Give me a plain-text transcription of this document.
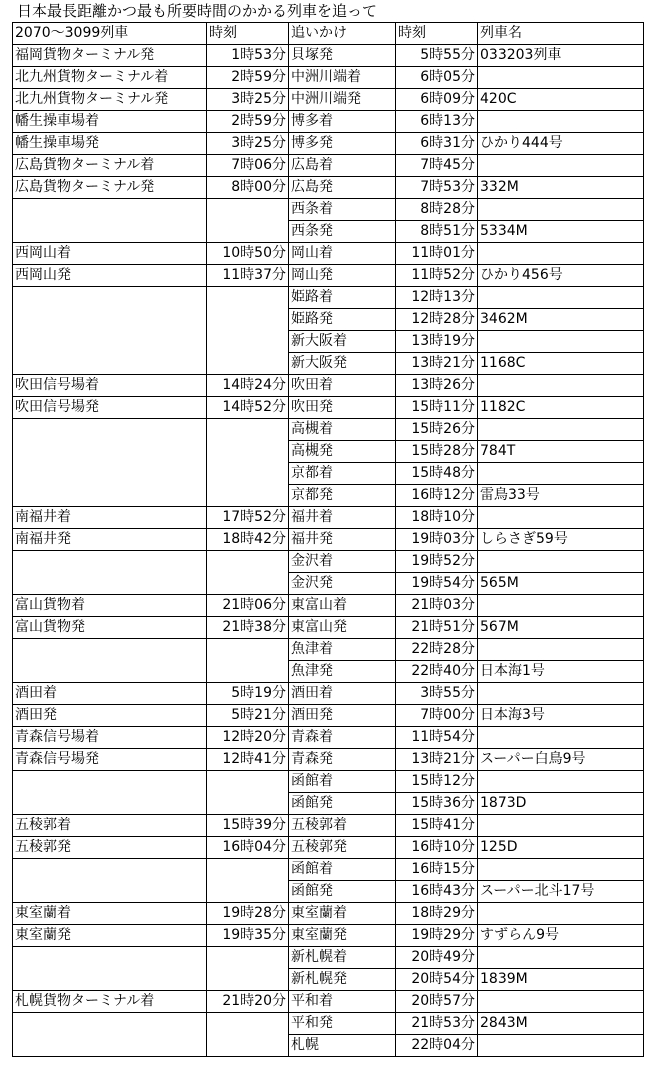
日本最長距離かつ最も所要時間のかかる列車を追って
2070～3099列車	時刻	追いかけ	時刻	列車名
福岡貨物ターミナル発	1時53分	貝塚発	5時55分	033203列車
北九州貨物ターミナル着	2時59分	中洲川端着	6時05分	
北九州貨物ターミナル発	3時25分	中洲川端発	6時09分	420C
幡生操車場着	2時59分	博多着	6時13分	
幡生操車場発	3時25分	博多発	6時31分	ひかり444号
広島貨物ターミナル着	7時06分	広島着	7時45分	
広島貨物ターミナル発	8時00分	広島発	7時53分	332M
		西条着	8時28分	
		西条発	8時51分	5334M
西岡山着	10時50分	岡山着	11時01分	
西岡山発	11時37分	岡山発	11時52分	ひかり456号
		姫路着	12時13分	
		姫路発	12時28分	3462M
		新大阪着	13時19分	
		新大阪発	13時21分	1168C
吹田信号場着	14時24分	吹田着	13時26分	
吹田信号場発	14時52分	吹田発	15時11分	1182C
		高槻着	15時26分	
		高槻発	15時28分	784T
		京都着	15時48分	
		京都発	16時12分	雷鳥33号
南福井着	17時52分	福井着	18時10分	
南福井発	18時42分	福井発	19時03分	しらさぎ59号
		金沢着	19時52分	
		金沢発	19時54分	565M
富山貨物着	21時06分	東富山着	21時03分	
富山貨物発	21時38分	東富山発	21時51分	567M
		魚津着	22時28分	
		魚津発	22時40分	日本海1号
酒田着	5時19分	酒田着	3時55分	
酒田発	5時21分	酒田発	7時00分	日本海3号
青森信号場着	12時20分	青森着	11時54分	
青森信号場発	12時41分	青森発	13時21分	スーパー白鳥9号
		函館着	15時12分	
		函館発	15時36分	1873D
五稜郭着	15時39分	五稜郭着	15時41分	
五稜郭発	16時04分	五稜郭発	16時10分	125D
		函館着	16時15分	
		函館発	16時43分	スーパー北斗17号
東室蘭着	19時28分	東室蘭着	18時29分	
東室蘭発	19時35分	東室蘭発	19時29分	すずらん9号
		新札幌着	20時49分	
		新札幌発	20時54分	1839M
札幌貨物ターミナル着	21時20分	平和着	20時57分	
		平和発	21時53分	2843M
		札幌	22時04分	
